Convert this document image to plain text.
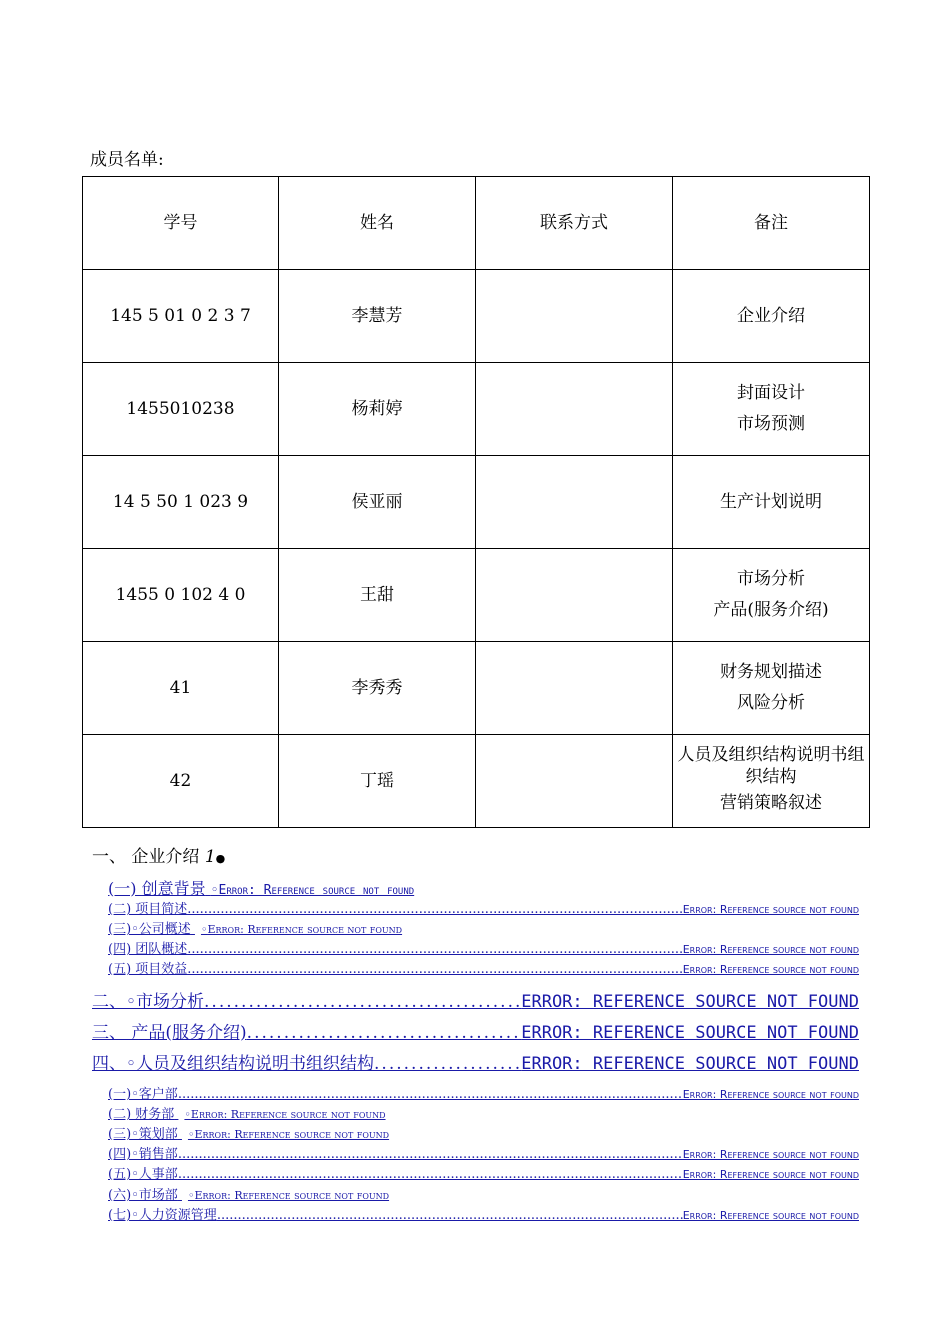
成员名单:
学号	姓名	联系方式	备注
145 5 01 0 2 3 7	李慧芳		企业介绍

1455010238	杨莉婷		封面设计
市场预测

14 5 50 1 023 9	侯亚丽		生产计划说明

1455 0 102 4 0	王甜		市场分析
产品(服务介绍)

41	李秀秀		财务规划描述
风险分析

42	丁瑶		人员及组织结构说明书组织结构
营销策略叙述
一、 企业介绍 1●
(一) 创意背景 ◦Error: Reference source not found
(二) 项目简述 .....	Error: Reference source not found
(三)◦公司概述 ◦Error: Reference source not found
(四) 团队概述 .....	Error: Reference source not found
(五) 项目效益 .....	Error: Reference source not found
二、◦市场分析 .....	ERROR: REFERENCE SOURCE NOT FOUND
三、 产品(服务介绍) .....	ERROR: REFERENCE SOURCE NOT FOUND
四、◦人员及组织结构说明书组织结构 .....	ERROR: REFERENCE SOURCE NOT FOUND
(一)◦客户部 .....	Error: Reference source not found
(二) 财务部 ◦Error: Reference source not found
(三)◦策划部 ◦Error: Reference source not found
(四)◦销售部 .....	Error: Reference source not found
(五)◦人事部 .....	Error: Reference source not found
(六)◦市场部 ◦Error: Reference source not found
(七)◦人力资源管理 .....	Error: Reference source not found
